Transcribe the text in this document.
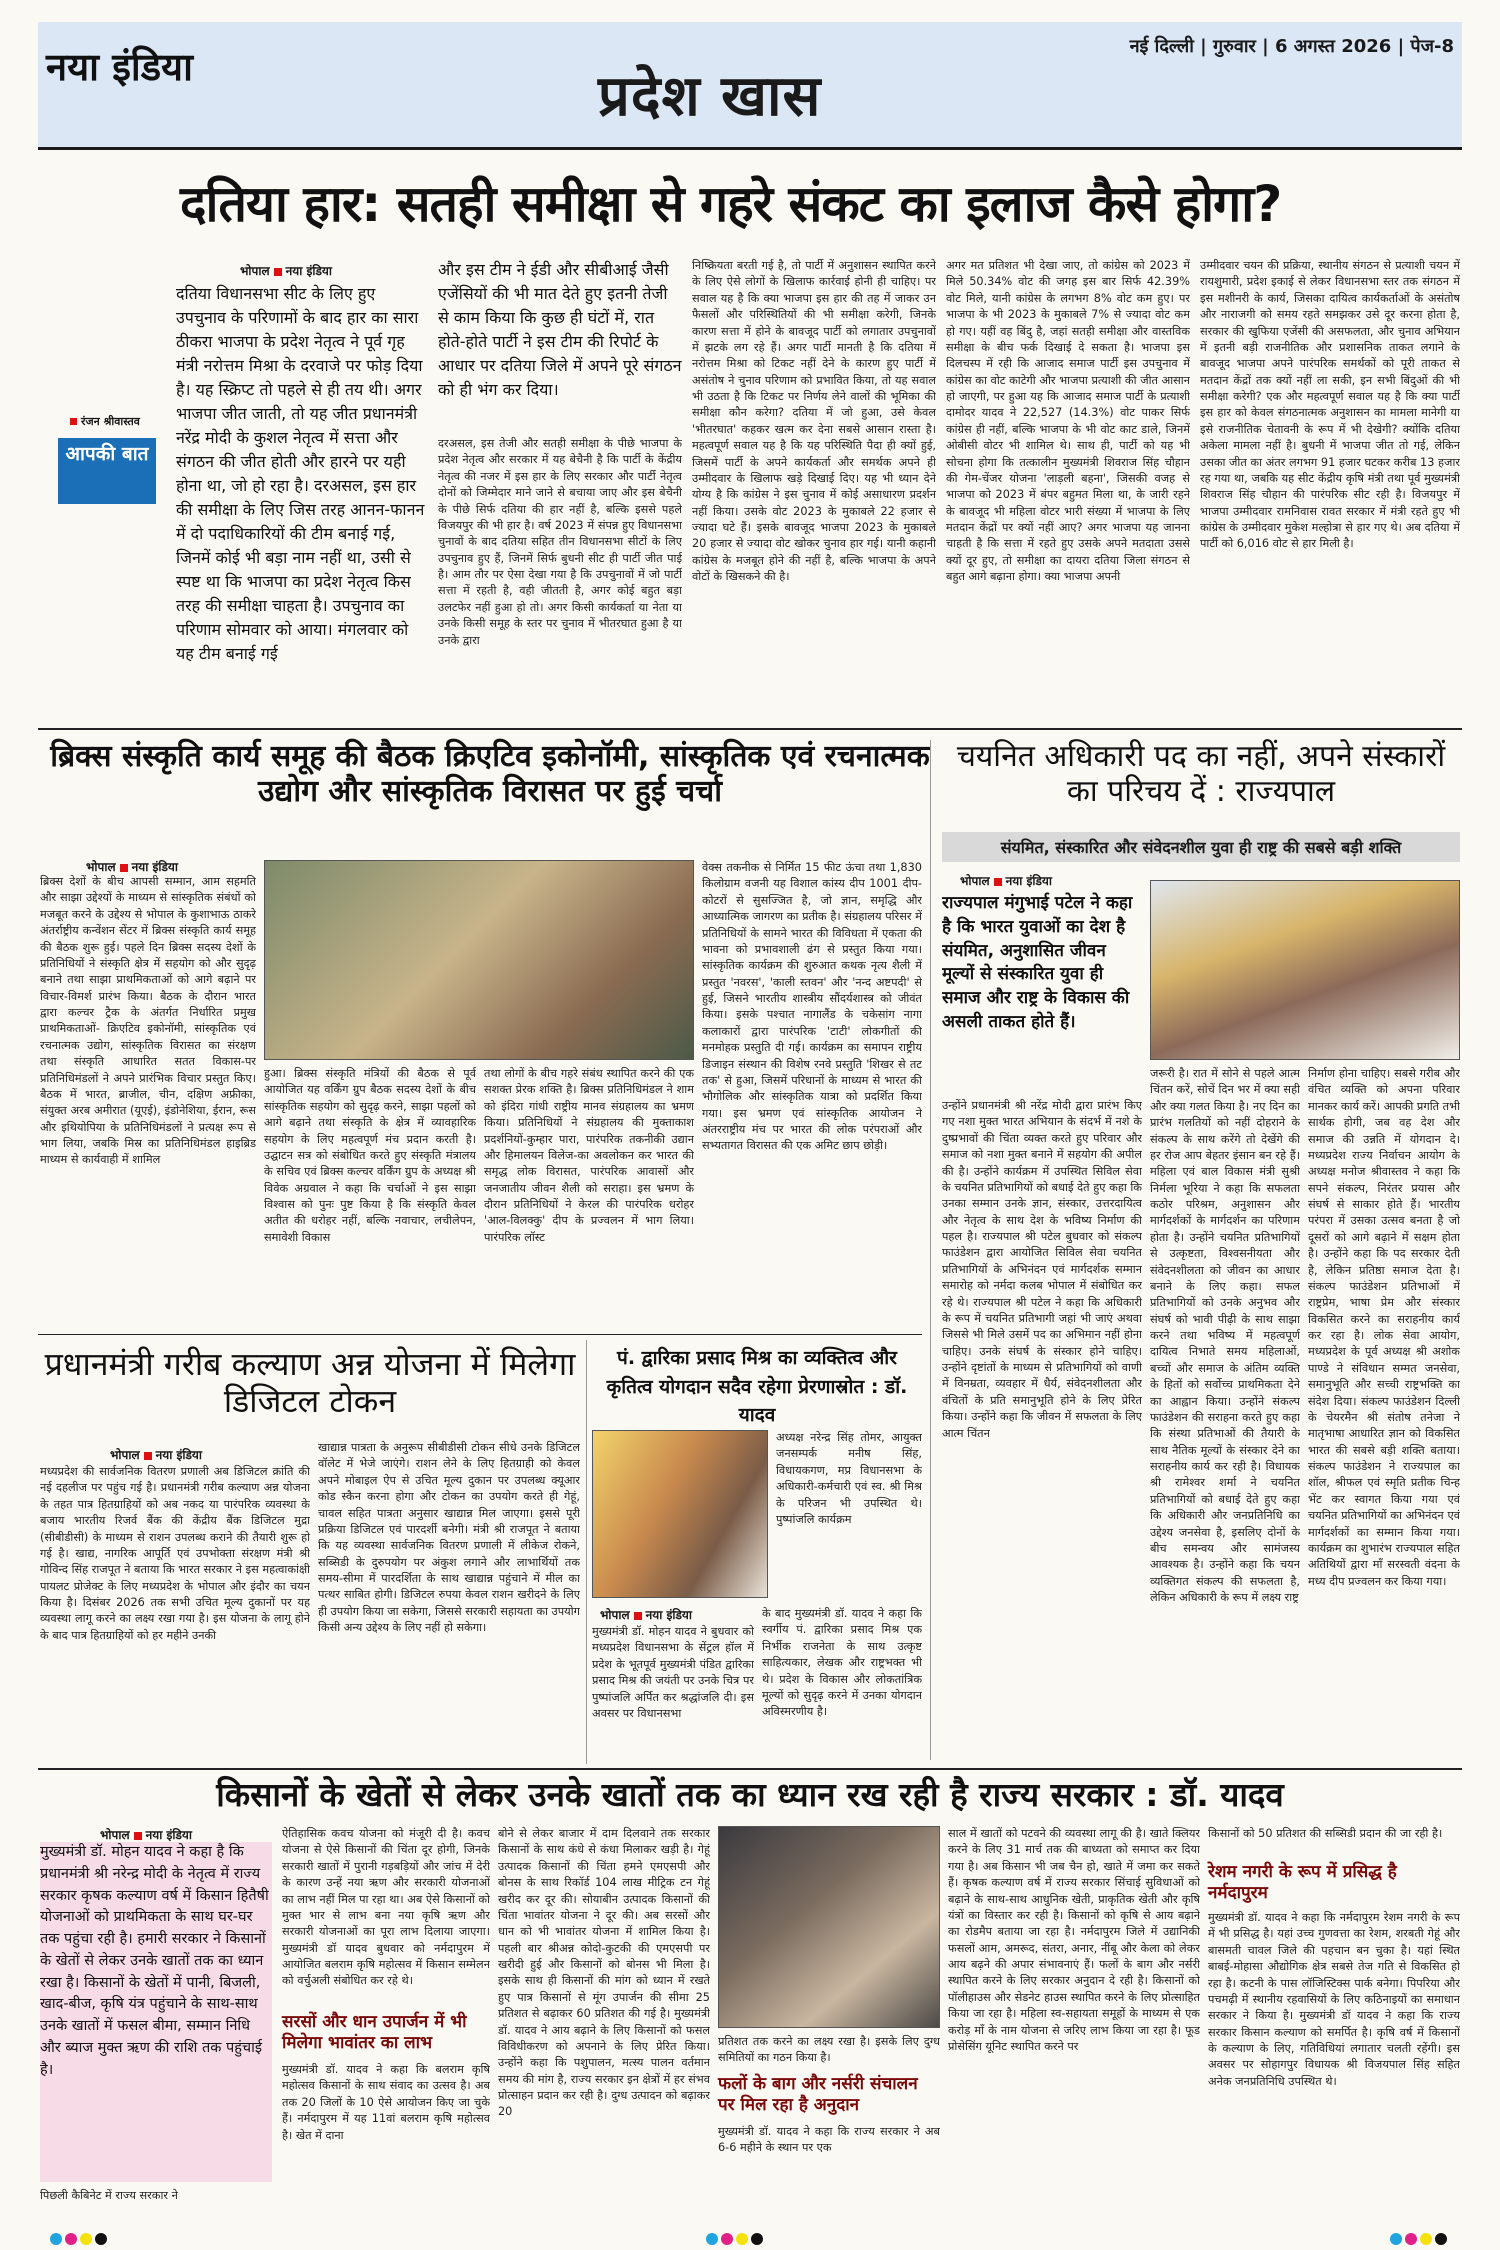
नया इंडिया	नई दिल्ली | गुरुवार | 6 अगस्त 2026 | पेज-8
प्रदेश खास
दतिया हार: सतही समीक्षा से गहरे संकट का इलाज कैसे होगा?
भोपाल नया इंडिया
रंजन श्रीवास्तव
आपकी बात
दतिया विधानसभा सीट के लिए हुए उपचुनाव के परिणामों के बाद हार का सारा ठीकरा भाजपा के प्रदेश नेतृत्व ने पूर्व गृह मंत्री नरोत्तम मिश्रा के दरवाजे पर फोड़ दिया है। यह स्क्रिप्ट तो पहले से ही तय थी। अगर भाजपा जीत जाती, तो यह जीत प्रधानमंत्री नरेंद्र मोदी के कुशल नेतृत्व में सत्ता और संगठन की जीत होती और हारने पर यही होना था, जो हो रहा है। दरअसल, इस हार की समीक्षा के लिए जिस तरह आनन-फानन में दो पदाधिकारियों की टीम बनाई गई, जिनमें कोई भी बड़ा नाम नहीं था, उसी से स्पष्ट था कि भाजपा का प्रदेश नेतृत्व किस तरह की समीक्षा चाहता है। उपचुनाव का परिणाम सोमवार को आया। मंगलवार को यह टीम बनाई गई
और इस टीम ने ईडी और सीबीआई जैसी एजेंसियों की भी मात देते हुए इतनी तेजी से काम किया कि कुछ ही घंटों में, रात होते-होते पार्टी ने इस टीम की रिपोर्ट के आधार पर दतिया जिले में अपने पूरे संगठन को ही भंग कर दिया।
दरअसल, इस तेजी और सतही समीक्षा के पीछे भाजपा के प्रदेश नेतृत्व और सरकार में यह बेचैनी है कि पार्टी के केंद्रीय नेतृत्व की नजर में इस हार के लिए सरकार और पार्टी नेतृत्व दोनों को जिम्मेदार माने जाने से बचाया जाए और इस बेचैनी के पीछे सिर्फ दतिया की हार नहीं है, बल्कि इससे पहले विजयपुर की भी हार है। वर्ष 2023 में संपन्न हुए विधानसभा चुनावों के बाद दतिया सहित तीन विधानसभा सीटों के लिए उपचुनाव हुए हैं, जिनमें सिर्फ बुधनी सीट ही पार्टी जीत पाई है। आम तौर पर ऐसा देखा गया है कि उपचुनावों में जो पार्टी सत्ता में रहती है, वही जीतती है, अगर कोई बहुत बड़ा उलटफेर नहीं हुआ हो तो। अगर किसी कार्यकर्ता या नेता या उनके किसी समूह के स्तर पर चुनाव में भीतरघात हुआ है या उनके द्वारा
निष्क्रियता बरती गई है, तो पार्टी में अनुशासन स्थापित करने के लिए ऐसे लोगों के खिलाफ कार्रवाई होनी ही चाहिए। पर सवाल यह है कि क्या भाजपा इस हार की तह में जाकर उन फैसलों और परिस्थितियों की भी समीक्षा करेगी, जिनके कारण सत्ता में होने के बावजूद पार्टी को लगातार उपचुनावों में झटके लग रहे हैं। अगर पार्टी मानती है कि दतिया में नरोत्तम मिश्रा को टिकट नहीं देने के कारण हुए पार्टी में असंतोष ने चुनाव परिणाम को प्रभावित किया, तो यह सवाल भी उठता है कि टिकट पर निर्णय लेने वालों की भूमिका की समीक्षा कौन करेगा? दतिया में जो हुआ, उसे केवल 'भीतरघात' कहकर खत्म कर देना सबसे आसान रास्ता है। महत्वपूर्ण सवाल यह है कि यह परिस्थिति पैदा ही क्यों हुई, जिसमें पार्टी के अपने कार्यकर्ता और समर्थक अपने ही उम्मीदवार के खिलाफ खड़े दिखाई दिए। यह भी ध्यान देने योग्य है कि कांग्रेस ने इस चुनाव में कोई असाधारण प्रदर्शन नहीं किया। उसके वोट 2023 के मुकाबले 22 हजार से ज्यादा घटे हैं। इसके बावजूद भाजपा 2023 के मुकाबले 20 हजार से ज्यादा वोट खोकर चुनाव हार गई। यानी कहानी कांग्रेस के मजबूत होने की नहीं है, बल्कि भाजपा के अपने वोटों के खिसकने की है।
अगर मत प्रतिशत भी देखा जाए, तो कांग्रेस को 2023 में मिले 50.34% वोट की जगह इस बार सिर्फ 42.39% वोट मिले, यानी कांग्रेस के लगभग 8% वोट कम हुए। पर भाजपा के भी 2023 के मुकाबले 7% से ज्यादा वोट कम हो गए। यहीं वह बिंदु है, जहां सतही समीक्षा और वास्तविक समीक्षा के बीच फर्क दिखाई दे सकता है। भाजपा इस दिलचस्प में रही कि आजाद समाज पार्टी इस उपचुनाव में कांग्रेस का वोट काटेगी और भाजपा प्रत्याशी की जीत आसान हो जाएगी, पर हुआ यह कि आजाद समाज पार्टी के प्रत्याशी दामोदर यादव ने 22,527 (14.3%) वोट पाकर सिर्फ कांग्रेस ही नहीं, बल्कि भाजपा के भी वोट काट डाले, जिनमें ओबीसी वोटर भी शामिल थे। साथ ही, पार्टी को यह भी सोचना होगा कि तत्कालीन मुख्यमंत्री शिवराज सिंह चौहान की गेम-चेंजर योजना 'लाड़ली बहना', जिसकी वजह से भाजपा को 2023 में बंपर बहुमत मिला था, के जारी रहने के बावजूद भी महिला वोटर भारी संख्या में भाजपा के लिए मतदान केंद्रों पर क्यों नहीं आए? अगर भाजपा यह जानना चाहती है कि सत्ता में रहते हुए उसके अपने मतदाता उससे क्यों दूर हुए, तो समीक्षा का दायरा दतिया जिला संगठन से बहुत आगे बढ़ाना होगा। क्या भाजपा अपनी
उम्मीदवार चयन की प्रक्रिया, स्थानीय संगठन से प्रत्याशी चयन में रायशुमारी, प्रदेश इकाई से लेकर विधानसभा स्तर तक संगठन में इस मशीनरी के कार्य, जिसका दायित्व कार्यकर्ताओं के असंतोष और नाराजगी को समय रहते समझकर उसे दूर करना होता है, सरकार की खुफिया एजेंसी की असफलता, और चुनाव अभियान में इतनी बड़ी राजनीतिक और प्रशासनिक ताकत लगाने के बावजूद भाजपा अपने पारंपरिक समर्थकों को पूरी ताकत से मतदान केंद्रों तक क्यों नहीं ला सकी, इन सभी बिंदुओं की भी समीक्षा करेगी? एक और महत्वपूर्ण सवाल यह है कि क्या पार्टी इस हार को केवल संगठनात्मक अनुशासन का मामला मानेगी या इसे राजनीतिक चेतावनी के रूप में भी देखेगी? क्योंकि दतिया अकेला मामला नहीं है। बुधनी में भाजपा जीत तो गई, लेकिन उसका जीत का अंतर लगभग 91 हजार घटकर करीब 13 हजार रह गया था, जबकि यह सीट केंद्रीय कृषि मंत्री तथा पूर्व मुख्यमंत्री शिवराज सिंह चौहान की पारंपरिक सीट रही है। विजयपुर में भाजपा उम्मीदवार रामनिवास रावत सरकार में मंत्री रहते हुए भी कांग्रेस के उम्मीदवार मुकेश मल्होत्रा से हार गए थे। अब दतिया में पार्टी को 6,016 वोट से हार मिली है।
ब्रिक्स संस्कृति कार्य समूह की बैठक क्रिएटिव इकोनॉमी, सांस्कृतिक एवं रचनात्मक उद्योग और सांस्कृतिक विरासत पर हुई चर्चा
भोपाल नया इंडिया
ब्रिक्स देशों के बीच आपसी सम्मान, आम सहमति और साझा उद्देश्यों के माध्यम से सांस्कृतिक संबंधों को मजबूत करने के उद्देश्य से भोपाल के कुशाभाऊ ठाकरे अंतर्राष्ट्रीय कन्वेंशन सेंटर में ब्रिक्स संस्कृति कार्य समूह की बैठक शुरू हुई। पहले दिन ब्रिक्स सदस्य देशों के प्रतिनिधियों ने संस्कृति क्षेत्र में सहयोग को और सुदृढ़ बनाने तथा साझा प्राथमिकताओं को आगे बढ़ाने पर विचार-विमर्श प्रारंभ किया। बैठक के दौरान भारत द्वारा कल्चर ट्रैक के अंतर्गत निर्धारित प्रमुख प्राथमिकताओं- क्रिएटिव इकोनॉमी, सांस्कृतिक एवं रचनात्मक उद्योग, सांस्कृतिक विरासत का संरक्षण तथा संस्कृति आधारित सतत विकास-पर प्रतिनिधिमंडलों ने अपने प्रारंभिक विचार प्रस्तुत किए। बैठक में भारत, ब्राजील, चीन, दक्षिण अफ्रीका, संयुक्त अरब अमीरात (यूएई), इंडोनेशिया, ईरान, रूस और इथियोपिया के प्रतिनिधिमंडलों ने प्रत्यक्ष रूप से भाग लिया, जबकि मिस्र का प्रतिनिधिमंडल हाइब्रिड माध्यम से कार्यवाही में शामिल
हुआ। ब्रिक्स संस्कृति मंत्रियों की बैठक से पूर्व आयोजित यह वर्किंग ग्रुप बैठक सदस्य देशों के बीच सांस्कृतिक सहयोग को सुदृढ़ करने, साझा पहलों को आगे बढ़ाने तथा संस्कृति के क्षेत्र में व्यावहारिक सहयोग के लिए महत्वपूर्ण मंच प्रदान करती है। उद्घाटन सत्र को संबोधित करते हुए संस्कृति मंत्रालय के सचिव एवं ब्रिक्स कल्चर वर्किंग ग्रुप के अध्यक्ष श्री विवेक अग्रवाल ने कहा कि चर्चाओं ने इस साझा विश्वास को पुनः पुष्ट किया है कि संस्कृति केवल अतीत की धरोहर नहीं, बल्कि नवाचार, लचीलेपन, समावेशी विकास
तथा लोगों के बीच गहरे संबंध स्थापित करने की एक सशक्त प्रेरक शक्ति है। ब्रिक्स प्रतिनिधिमंडल ने शाम को इंदिरा गांधी राष्ट्रीय मानव संग्रहालय का भ्रमण किया। प्रतिनिधियों ने संग्रहालय की मुक्ताकाश प्रदर्शनियों-कुम्हार पारा, पारंपरिक तकनीकी उद्यान और हिमालयन विलेज-का अवलोकन कर भारत की समृद्ध लोक विरासत, पारंपरिक आवासों और जनजातीय जीवन शैली को सराहा। इस भ्रमण के दौरान प्रतिनिधियों ने केरल की पारंपरिक धरोहर 'आल-विलक्कु' दीप के प्रज्वलन में भाग लिया। पारंपरिक लॉस्ट
वेक्स तकनीक से निर्मित 15 फीट ऊंचा तथा 1,830 किलोग्राम वजनी यह विशाल कांस्य दीप 1001 दीप-कोटरों से सुसज्जित है, जो ज्ञान, समृद्धि और आध्यात्मिक जागरण का प्रतीक है। संग्रहालय परिसर में प्रतिनिधियों के सामने भारत की विविधता में एकता की भावना को प्रभावशाली ढंग से प्रस्तुत किया गया। सांस्कृतिक कार्यक्रम की शुरुआत कथक नृत्य शैली में प्रस्तुत 'नवरस', 'काली स्तवन' और 'नन्द अष्टपदी' से हुई, जिसने भारतीय शास्त्रीय सौंदर्यशास्त्र को जीवंत किया। इसके पश्चात नागालैंड के चकेसांग नागा कलाकारों द्वारा पारंपरिक 'टाटी' लोकगीतों की मनमोहक प्रस्तुति दी गई। कार्यक्रम का समापन राष्ट्रीय डिजाइन संस्थान की विशेष रनवे प्रस्तुति 'शिखर से तट तक' से हुआ, जिसमें परिधानों के माध्यम से भारत की भौगोलिक और सांस्कृतिक यात्रा को प्रदर्शित किया गया। इस भ्रमण एवं सांस्कृतिक आयोजन ने अंतरराष्ट्रीय मंच पर भारत की लोक परंपराओं और सभ्यतागत विरासत की एक अमिट छाप छोड़ी।
चयनित अधिकारी पद का नहीं, अपने संस्कारों का परिचय दें : राज्यपाल
संयमित, संस्कारित और संवेदनशील युवा ही राष्ट्र की सबसे बड़ी शक्ति
भोपाल नया इंडिया
राज्यपाल मंगुभाई पटेल ने कहा है कि भारत युवाओं का देश है संयमित, अनुशासित जीवन मूल्यों से संस्कारित युवा ही समाज और राष्ट्र के विकास की असली ताकत होते हैं।
उन्होंने प्रधानमंत्री श्री नरेंद्र मोदी द्वारा प्रारंभ किए गए नशा मुक्त भारत अभियान के संदर्भ में नशे के दुष्प्रभावों की चिंता व्यक्त करते हुए परिवार और समाज को नशा मुक्त बनाने में सहयोग की अपील की है। उन्होंने कार्यक्रम में उपस्थित सिविल सेवा के चयनित प्रतिभागियों को बधाई देते हुए कहा कि उनका सम्मान उनके ज्ञान, संस्कार, उत्तरदायित्व और नेतृत्व के साथ देश के भविष्य निर्माण की पहल है। राज्यपाल श्री पटेल बुधवार को संकल्प फाउंडेशन द्वारा आयोजित सिविल सेवा चयनित प्रतिभागियों के अभिनंदन एवं मार्गदर्शक सम्मान समारोह को नर्मदा कलब भोपाल में संबोधित कर रहे थे। राज्यपाल श्री पटेल ने कहा कि अधिकारी के रूप में चयनित प्रतिभागी जहां भी जाएं अथवा जिससे भी मिले उसमें पद का अभिमान नहीं होना चाहिए। उनके संघर्ष के संस्कार होने चाहिए। उन्होंने दृष्टांतों के माध्यम से प्रतिभागियों को वाणी में विनम्रता, व्यवहार में धैर्य, संवेदनशीलता और वंचितों के प्रति समानुभूति होने के लिए प्रेरित किया। उन्होंने कहा कि जीवन में सफलता के लिए आत्म चिंतन
जरूरी है। रात में सोने से पहले आत्म चिंतन करें, सोचें दिन भर में क्या सही और क्या गलत किया है। नए दिन का प्रारंभ गलतियों को नहीं दोहराने के संकल्प के साथ करेंगे तो देखेंगे की हर रोज आप बेहतर इंसान बन रहे हैं। महिला एवं बाल विकास मंत्री सुश्री निर्मला भूरिया ने कहा कि सफलता कठोर परिश्रम, अनुशासन और मार्गदर्शकों के मार्गदर्शन का परिणाम होता है। उन्होंने चयनित प्रतिभागियों से उत्कृष्टता, विश्वसनीयता और संवेदनशीलता को जीवन का आधार बनाने के लिए कहा। सफल प्रतिभागियों को उनके अनुभव और संघर्ष को भावी पीढ़ी के साथ साझा करने तथा भविष्य में महत्वपूर्ण दायित्व निभाते समय महिलाओं, बच्चों और समाज के अंतिम व्यक्ति के हितों को सर्वोच्च प्राथमिकता देने का आह्वान किया। उन्होंने संकल्प फाउंडेशन की सराहना करते हुए कहा कि संस्था प्रतिभाओं की तैयारी के साथ नैतिक मूल्यों के संस्कार देने का सराहनीय कार्य कर रही है। विधायक श्री रामेश्वर शर्मा ने चयनित प्रतिभागियों को बधाई देते हुए कहा कि अधिकारी और जनप्रतिनिधि का उद्देश्य जनसेवा है, इसलिए दोनों के बीच समन्वय और सामंजस्य आवश्यक है। उन्होंने कहा कि चयन व्यक्तिगत संकल्प की सफलता है, लेकिन अधिकारी के रूप में लक्ष्य राष्ट्र
निर्माण होना चाहिए। सबसे गरीब और वंचित व्यक्ति को अपना परिवार मानकर कार्य करें। आपकी प्रगति तभी सार्थक होगी, जब वह देश और समाज की उन्नति में योगदान दे। मध्यप्रदेश राज्य निर्वाचन आयोग के अध्यक्ष मनोज श्रीवास्तव ने कहा कि सपने संकल्प, निरंतर प्रयास और संघर्ष से साकार होते हैं। भारतीय परंपरा में उसका उत्सव बनता है जो दूसरों को आगे बढ़ाने में सक्षम होता है। उन्होंने कहा कि पद सरकार देती है, लेकिन प्रतिष्ठा समाज देता है। संकल्प फाउंडेशन प्रतिभाओं में राष्ट्रप्रेम, भाषा प्रेम और संस्कार विकसित करने का सराहनीय कार्य कर रहा है। लोक सेवा आयोग, मध्यप्रदेश के पूर्व अध्यक्ष श्री अशोक पाण्डे ने संविधान सम्मत जनसेवा, समानुभूति और सच्ची राष्ट्रभक्ति का संदेश दिया। संकल्प फाउंडेशन दिल्ली के चेयरमैन श्री संतोष तनेजा ने मातृभाषा आधारित ज्ञान को विकसित भारत की सबसे बड़ी शक्ति बताया। संकल्प फाउंडेशन ने राज्यपाल का शॉल, श्रीफल एवं स्मृति प्रतीक चिन्ह भेंट कर स्वागत किया गया एवं चयनित प्रतिभागियों का अभिनंदन एवं मार्गदर्शकों का सम्मान किया गया। कार्यक्रम का शुभारंभ राज्यपाल सहित अतिथियों द्वारा माँ सरस्वती वंदना के मध्य दीप प्रज्वलन कर किया गया।
प्रधानमंत्री गरीब कल्याण अन्न योजना में मिलेगा डिजिटल टोकन
भोपाल नया इंडिया
मध्यप्रदेश की सार्वजनिक वितरण प्रणाली अब डिजिटल क्रांति की नई दहलीज पर पहुंच गई है। प्रधानमंत्री गरीब कल्याण अन्न योजना के तहत पात्र हितग्राहियों को अब नकद या पारंपरिक व्यवस्था के बजाय भारतीय रिजर्व बैंक की केंद्रीय बैंक डिजिटल मुद्रा (सीबीडीसी) के माध्यम से राशन उपलब्ध कराने की तैयारी शुरू हो गई है। खाद्य, नागरिक आपूर्ति एवं उपभोक्ता संरक्षण मंत्री श्री गोविन्द सिंह राजपूत ने बताया कि भारत सरकार ने इस महत्वाकांक्षी पायलट प्रोजेक्ट के लिए मध्यप्रदेश के भोपाल और इंदौर का चयन किया है। दिसंबर 2026 तक सभी उचित मूल्य दुकानों पर यह व्यवस्था लागू करने का लक्ष्य रखा गया है। इस योजना के लागू होने के बाद पात्र हितग्राहियों को हर महीने उनकी
खाद्यान्न पात्रता के अनुरूप सीबीडीसी टोकन सीधे उनके डिजिटल वॉलेट में भेजे जाएंगे। राशन लेने के लिए हितग्राही को केवल अपने मोबाइल ऐप से उचित मूल्य दुकान पर उपलब्ध क्यूआर कोड स्कैन करना होगा और टोकन का उपयोग करते ही गेहूं, चावल सहित पात्रता अनुसार खाद्यान्न मिल जाएगा। इससे पूरी प्रक्रिया डिजिटल एवं पारदर्शी बनेगी। मंत्री श्री राजपूत ने बताया कि यह व्यवस्था सार्वजनिक वितरण प्रणाली में लीकेज रोकने, सब्सिडी के दुरुपयोग पर अंकुश लगाने और लाभार्थियों तक समय-सीमा में पारदर्शिता के साथ खाद्यान्न पहुंचाने में मील का पत्थर साबित होगी। डिजिटल रुपया केवल राशन खरीदने के लिए ही उपयोग किया जा सकेगा, जिससे सरकारी सहायता का उपयोग किसी अन्य उद्देश्य के लिए नहीं हो सकेगा।
पं. द्वारिका प्रसाद मिश्र का व्यक्तित्व और कृतित्व योगदान सदैव रहेगा प्रेरणास्रोत : डॉ. यादव
अध्यक्ष नरेन्द्र सिंह तोमर, आयुक्त जनसम्पर्क मनीष सिंह, विधायकगण, मप्र विधानसभा के अधिकारी-कर्मचारी एवं स्व. श्री मिश्र के परिजन भी उपस्थित थे। पुष्पांजलि कार्यक्रम
भोपाल नया इंडिया
मुख्यमंत्री डॉ. मोहन यादव ने बुधवार को मध्यप्रदेश विधानसभा के सेंट्रल हॉल में प्रदेश के भूतपूर्व मुख्यमंत्री पंडित द्वारिका प्रसाद मिश्र की जयंती पर उनके चित्र पर पुष्पांजलि अर्पित कर श्रद्धांजलि दी। इस अवसर पर विधानसभा
के बाद मुख्यमंत्री डॉ. यादव ने कहा कि स्वर्गीय पं. द्वारिका प्रसाद मिश्र एक निर्भीक राजनेता के साथ उत्कृष्ट साहित्यकार, लेखक और राष्ट्रभक्त भी थे। प्रदेश के विकास और लोकतांत्रिक मूल्यों को सुदृढ़ करने में उनका योगदान अविस्मरणीय है।
किसानों के खेतों से लेकर उनके खातों तक का ध्यान रख रही है राज्य सरकार : डॉ. यादव
भोपाल नया इंडिया
मुख्यमंत्री डॉ. मोहन यादव ने कहा है कि प्रधानमंत्री श्री नरेन्द्र मोदी के नेतृत्व में राज्य सरकार कृषक कल्याण वर्ष में किसान हितैषी योजनाओं को प्राथमिकता के साथ घर-घर तक पहुंचा रही है। हमारी सरकार ने किसानों के खेतों से लेकर उनके खातों तक का ध्यान रखा है। किसानों के खेतों में पानी, बिजली, खाद-बीज, कृषि यंत्र पहुंचाने के साथ-साथ उनके खातों में फसल बीमा, सम्मान निधि और ब्याज मुक्त ऋण की राशि तक पहुंचाई है।
पिछली कैबिनेट में राज्य सरकार ने
ऐतिहासिक कवच योजना को मंजूरी दी है। कवच योजना से ऐसे किसानों की चिंता दूर होगी, जिनके सरकारी खातों में पुरानी गड़बड़ियों और जांच में देरी के कारण उन्हें नया ऋण और सरकारी योजनाओं का लाभ नहीं मिल पा रहा था। अब ऐसे किसानों को मुक्त भार से लाभ बना नया कृषि ऋण और सरकारी योजनाओं का पूरा लाभ दिलाया जाएगा। मुख्यमंत्री डॉ यादव बुधवार को नर्मदापुरम में आयोजित बलराम कृषि महोत्सव में किसान सम्मेलन को वर्चुअली संबोधित कर रहे थे।
सरसों और धान उपार्जन में भी मिलेगा भावांतर का लाभ
मुख्यमंत्री डॉ. यादव ने कहा कि बलराम कृषि महोत्सव किसानों के साथ संवाद का उत्सव है। अब तक 20 जिलों के 10 ऐसे आयोजन किए जा चुके हैं। नर्मदापुरम में यह 11वां बलराम कृषि महोत्सव है। खेत में दाना
बोने से लेकर बाजार में दाम दिलवाने तक सरकार किसानों के साथ कंधे से कंधा मिलाकर खड़ी है। गेहूं उत्पादक किसानों की चिंता हमने एमएसपी और बोनस के साथ रिकॉर्ड 104 लाख मीट्रिक टन गेहूं खरीद कर दूर की। सोयाबीन उत्पादक किसानों की चिंता भावांतर योजना ने दूर की। अब सरसों और धान को भी भावांतर योजना में शामिल किया है। पहली बार श्रीअन्न कोदो-कुटकी की एमएसपी पर खरीदी हुई और किसानों को बोनस भी मिला है। इसके साथ ही किसानों की मांग को ध्यान में रखते हुए पात्र किसानों से मूंग उपार्जन की सीमा 25 प्रतिशत से बढ़ाकर 60 प्रतिशत की गई है। मुख्यमंत्री डॉ. यादव ने आय बढ़ाने के लिए किसानों को फसल विविधीकरण को अपनाने के लिए प्रेरित किया। उन्होंने कहा कि पशुपालन, मत्स्य पालन वर्तमान समय की मांग है, राज्य सरकार इन क्षेत्रों में हर संभव प्रोत्साहन प्रदान कर रही है। दुग्ध उत्पादन को बढ़ाकर 20
प्रतिशत तक करने का लक्ष्य रखा है। इसके लिए दुग्ध समितियों का गठन किया है।
फलों के बाग और नर्सरी संचालन पर मिल रहा है अनुदान
मुख्यमंत्री डॉ. यादव ने कहा कि राज्य सरकार ने अब 6-6 महीने के स्थान पर एक
साल में खातों को पटवने की व्यवस्था लागू की है। खाते क्लियर करने के लिए 31 मार्च तक की बाध्यता को समाप्त कर दिया गया है। अब किसान भी जब चैन हो, खाते में जमा कर सकते हैं। कृषक कल्याण वर्ष में राज्य सरकार सिंचाई सुविधाओं को बढ़ाने के साथ-साथ आधुनिक खेती, प्राकृतिक खेती और कृषि यंत्रों का विस्तार कर रही है। किसानों को कृषि से आय बढ़ाने का रोडमैप बताया जा रहा है। नर्मदापुरम जिले में उद्यानिकी फसलों आम, अमरूद, संतरा, अनार, नींबू और केला को लेकर आय बढ़ने की अपार संभावनाएं हैं। फलों के बाग और नर्सरी स्थापित करने के लिए सरकार अनुदान दे रही है। किसानों को पॉलीहाउस और सेडनेट हाउस स्थापित करने के लिए प्रोत्साहित किया जा रहा है। महिला स्व-सहायता समूहों के माध्यम से एक करोड़ माँ के नाम योजना से जरिए लाभ किया जा रहा है। फूड प्रोसेसिंग यूनिट स्थापित करने पर
किसानों को 50 प्रतिशत की सब्सिडी प्रदान की जा रही है।
रेशम नगरी के रूप में प्रसिद्ध है नर्मदापुरम
मुख्यमंत्री डॉ. यादव ने कहा कि नर्मदापुरम रेशम नगरी के रूप में भी प्रसिद्ध है। यहां उच्च गुणवत्ता का रेशम, शरबती गेहूं और बासमती चावल जिले की पहचान बन चुका है। यहां स्थित बाबई-मोहासा औद्योगिक क्षेत्र सबसे तेज गति से विकसित हो रहा है। कटनी के पास लॉजिस्टिक्स पार्क बनेगा। पिपरिया और पचमढ़ी में स्थानीय रहवासियों के लिए कठिनाइयों का समाधान सरकार ने किया है। मुख्यमंत्री डॉ यादव ने कहा कि राज्य सरकार किसान कल्याण को समर्पित है। कृषि वर्ष में किसानों के कल्याण के लिए, गतिविधियां लगातार चलती रहेंगी। इस अवसर पर सोहागपुर विधायक श्री विजयपाल सिंह सहित अनेक जनप्रतिनिधि उपस्थित थे।
